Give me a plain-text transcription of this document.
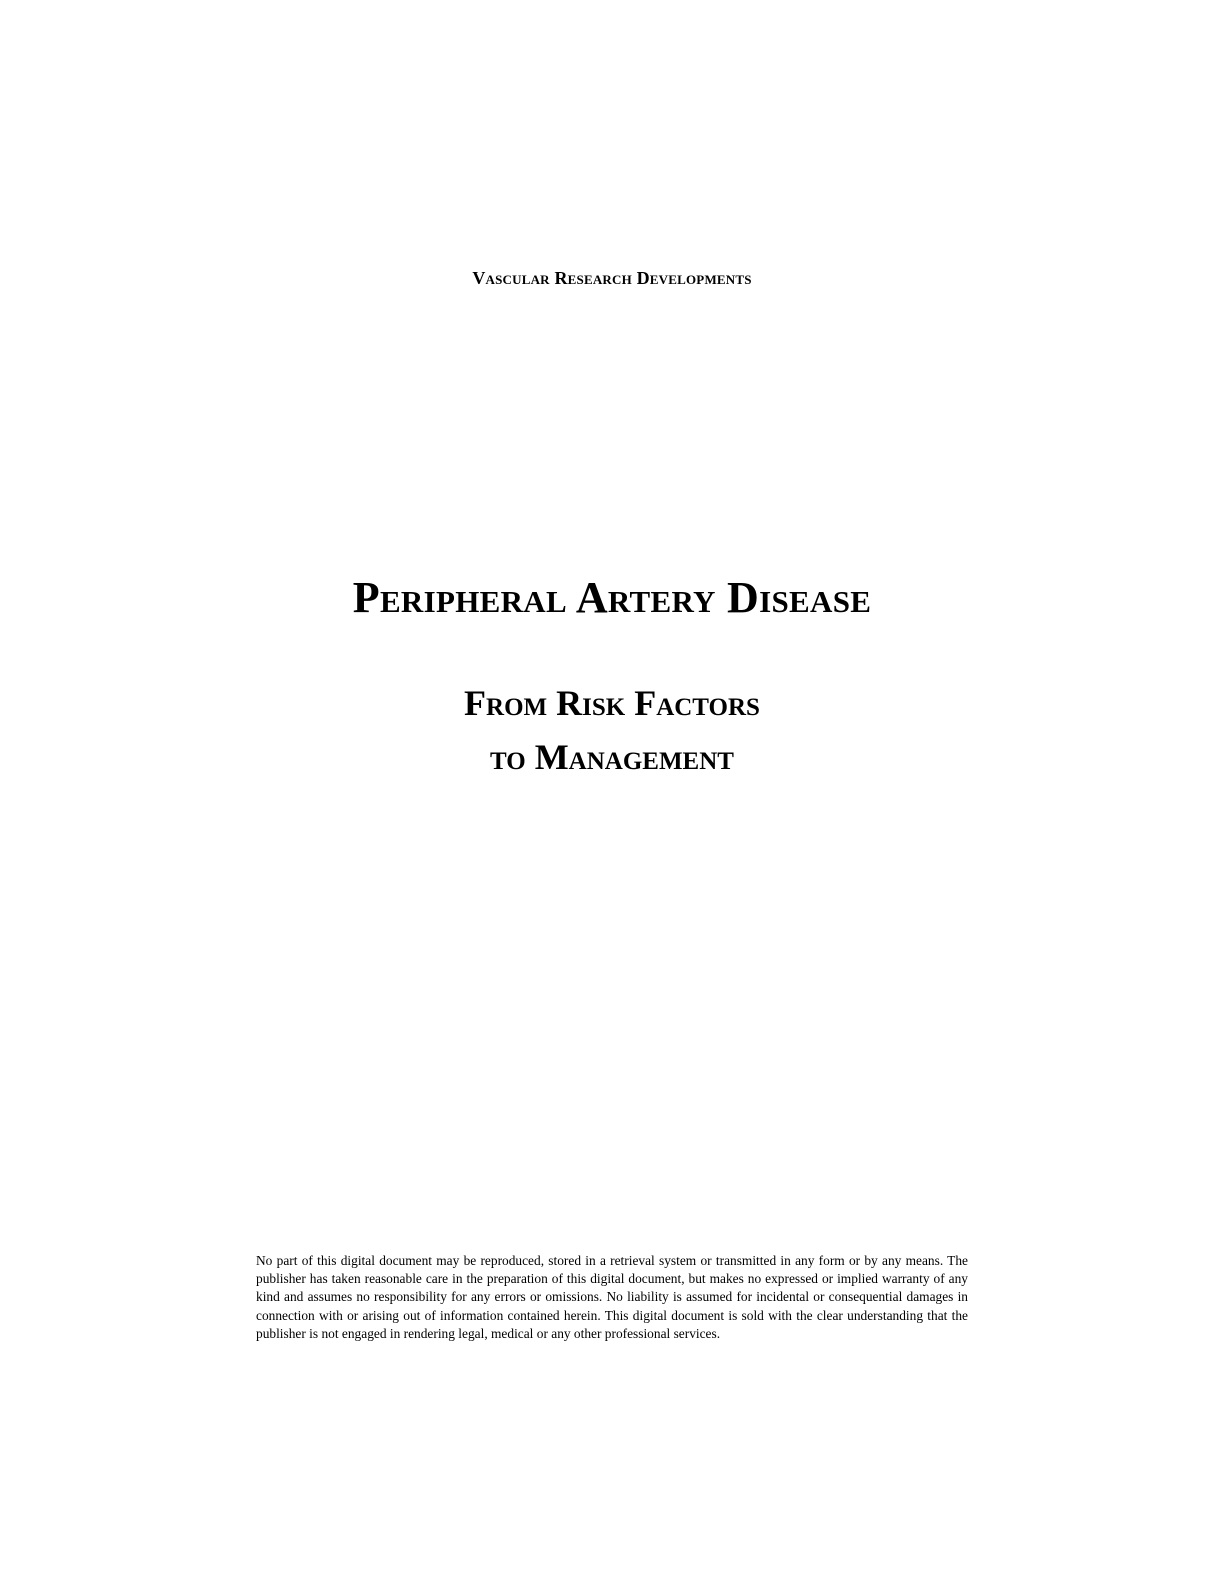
Vascular Research Developments
Peripheral Artery Disease
From Risk Factors
to Management

No part of this digital document may be reproduced, stored in a retrieval system or transmitted in any form or by any means. The publisher has taken reasonable care in the preparation of this digital document, but makes no expressed or implied warranty of any kind and assumes no responsibility for any errors or omissions. No liability is assumed for incidental or consequential damages in connection with or arising out of information contained herein. This digital document is sold with the clear understanding that the publisher is not engaged in rendering legal, medical or any other professional services.
